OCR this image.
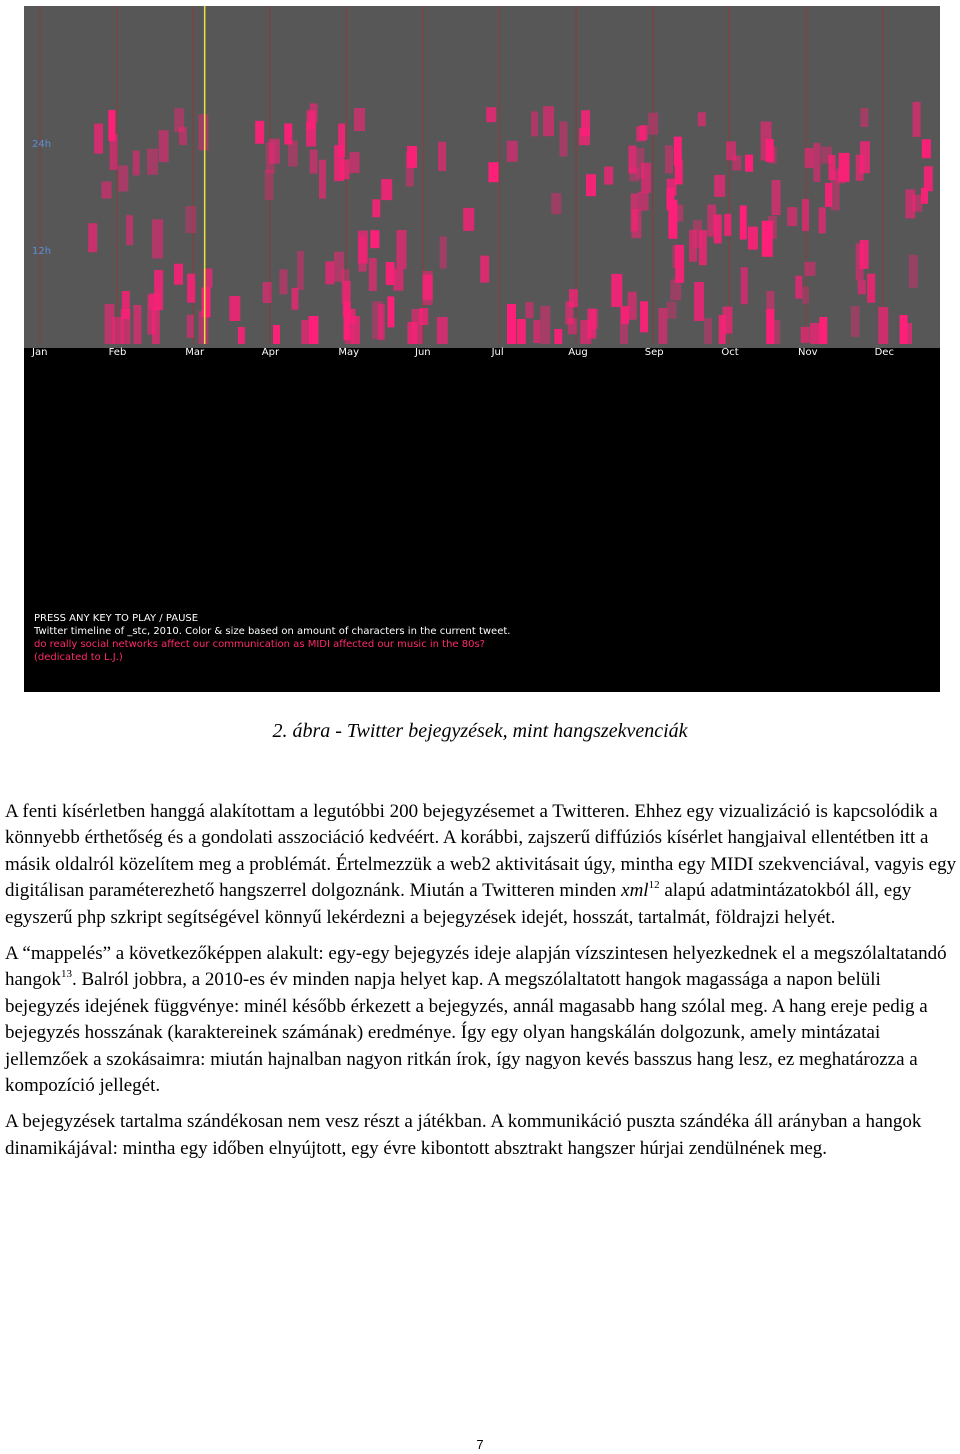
Jan	Feb	Mar	Apr	May	Jun	Jul	Aug	Sep	Oct	Nov	Dec
24h
12h
PRESS ANY KEY TO PLAY / PAUSE
Twitter timeline of _stc, 2010. Color & size based on amount of characters in the current tweet.
do really social networks affect our communication as MIDI affected our music in the 80s?
(dedicated to L.J.)
2. ábra - Twitter bejegyzések, mint hangszekvenciák

A fenti kísérletben hanggá alakítottam a legutóbbi 200 bejegyzésemet a Twitteren. Ehhez egy vizualizáció is kapcsolódik a könnyebb érthetőség és a gondolati asszociáció kedvéért. A korábbi, zajszerű diffúziós kísérlet hangjaival ellentétben itt a másik oldalról közelítem meg a problémát. Értelmezzük a web2 aktivitásait úgy, mintha egy MIDI szekvenciával, vagyis egy digitálisan paraméterezhető hangszerrel dolgoznánk. Miután a Twitteren minden xml$^{12}$ alapú adatmintázatokból áll, egy egyszerű php szkript segítségével könnyű lekérdezni a bejegyzések idejét, hosszát, tartalmát, földrajzi helyét.

A “mappelés” a következőképpen alakult: egy-egy bejegyzés ideje alapján vízszintesen helyezkednek el a megszólaltatandó hangok$^{13}$. Balról jobbra, a 2010-es év minden napja helyet kap. A megszólaltatott hangok magassága a napon belüli bejegyzés idejének függvénye: minél később érkezett a bejegyzés, annál magasabb hang szólal meg. A hang ereje pedig a bejegyzés hosszának (karaktereinek számának) eredménye. Így egy olyan hangskálán dolgozunk, amely mintázatai jellemzőek a szokásaimra: miután hajnalban nagyon ritkán írok, így nagyon kevés basszus hang lesz, ez meghatározza a kompozíció jellegét.

A bejegyzések tartalma szándékosan nem vesz részt a játékban. A kommunikáció puszta szándéka áll arányban a hangok dinamikájával: mintha egy időben elnyújtott, egy évre kibontott absztrakt hangszer húrjai zendülnének meg.

7
